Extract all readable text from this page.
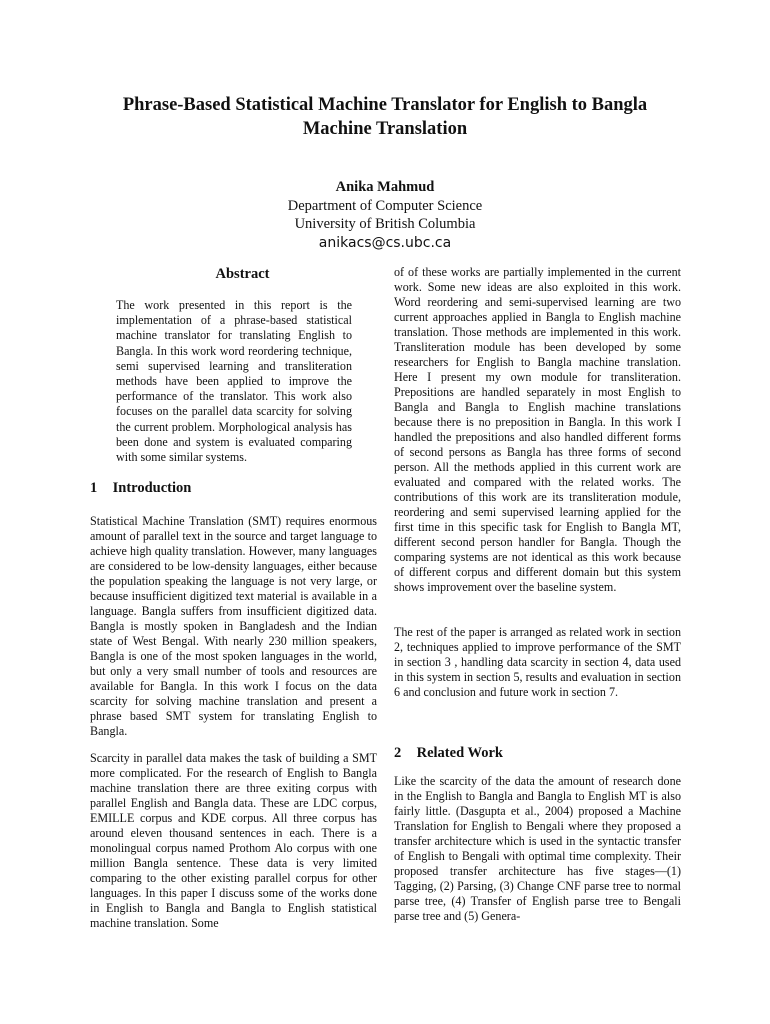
Phrase-Based Statistical Machine Translator for English to Bangla Machine Translation
Anika Mahmud
Department of Computer Science
University of British Columbia
anikacs@cs.ubc.ca
Abstract
The work presented in this report is the implementation of a phrase-based statistical machine translator for translating English to Bangla. In this work word reordering technique, semi supervised learning and transliteration methods have been applied to improve the performance of the translator. This work also focuses on the parallel data scarcity for solving the current problem. Morphological analysis has been done and system is evaluated comparing with some similar systems.
1 Introduction

Statistical Machine Translation (SMT) requires enormous amount of parallel text in the source and target language to achieve high quality translation. However, many languages are considered to be low-density languages, either because the population speaking the language is not very large, or because insufficient digitized text material is available in a language. Bangla suffers from insufficient digitized data. Bangla is mostly spoken in Bangladesh and the Indian state of West Bengal. With nearly 230 million speakers, Bangla is one of the most spoken languages in the world, but only a very small number of tools and resources are available for Bangla. In this work I focus on the data scarcity for solving machine translation and present a phrase based SMT system for translating English to Bangla.

Scarcity in parallel data makes the task of building a SMT more complicated. For the research of English to Bangla machine translation there are three exiting corpus with parallel English and Bangla data. These are LDC corpus, EMILLE corpus and KDE corpus. All three corpus has around eleven thousand sentences in each. There is a monolingual corpus named Prothom Alo corpus with one million Bangla sentence. These data is very limited comparing to the other existing parallel corpus for other languages. In this paper I discuss some of the works done in English to Bangla and Bangla to English statistical machine translation. Some

of of these works are partially implemented in the current work. Some new ideas are also exploited in this work. Word reordering and semi-supervised learning are two current approaches applied in Bangla to English machine translation. Those methods are implemented in this work. Transliteration module has been developed by some researchers for English to Bangla machine translation. Here I present my own module for transliteration. Prepositions are handled separately in most English to Bangla and Bangla to English machine translations because there is no preposition in Bangla. In this work I handled the prepositions and also handled different forms of second persons as Bangla has three forms of second person. All the methods applied in this current work are evaluated and compared with the related works. The contributions of this work are its transliteration module, reordering and semi supervised learning applied for the first time in this specific task for English to Bangla MT, different second person handler for Bangla. Though the comparing systems are not identical as this work because of different corpus and different domain but this system shows improvement over the baseline system.

The rest of the paper is arranged as related work in section 2, techniques applied to improve performance of the SMT in section 3 , handling data scarcity in section 4, data used in this system in section 5, results and evaluation in section 6 and conclusion and future work in section 7.

2 Related Work

Like the scarcity of the data the amount of research done in the English to Bangla and Bangla to English MT is also fairly little. (Dasgupta et al., 2004) proposed a Machine Translation for English to Bengali where they proposed a transfer architecture which is used in the syntactic transfer of English to Bengali with optimal time complexity. Their proposed transfer architecture has five stages—(1) Tagging, (2) Parsing, (3) Change CNF parse tree to normal parse tree, (4) Transfer of English parse tree to Bengali parse tree and (5) Genera-
